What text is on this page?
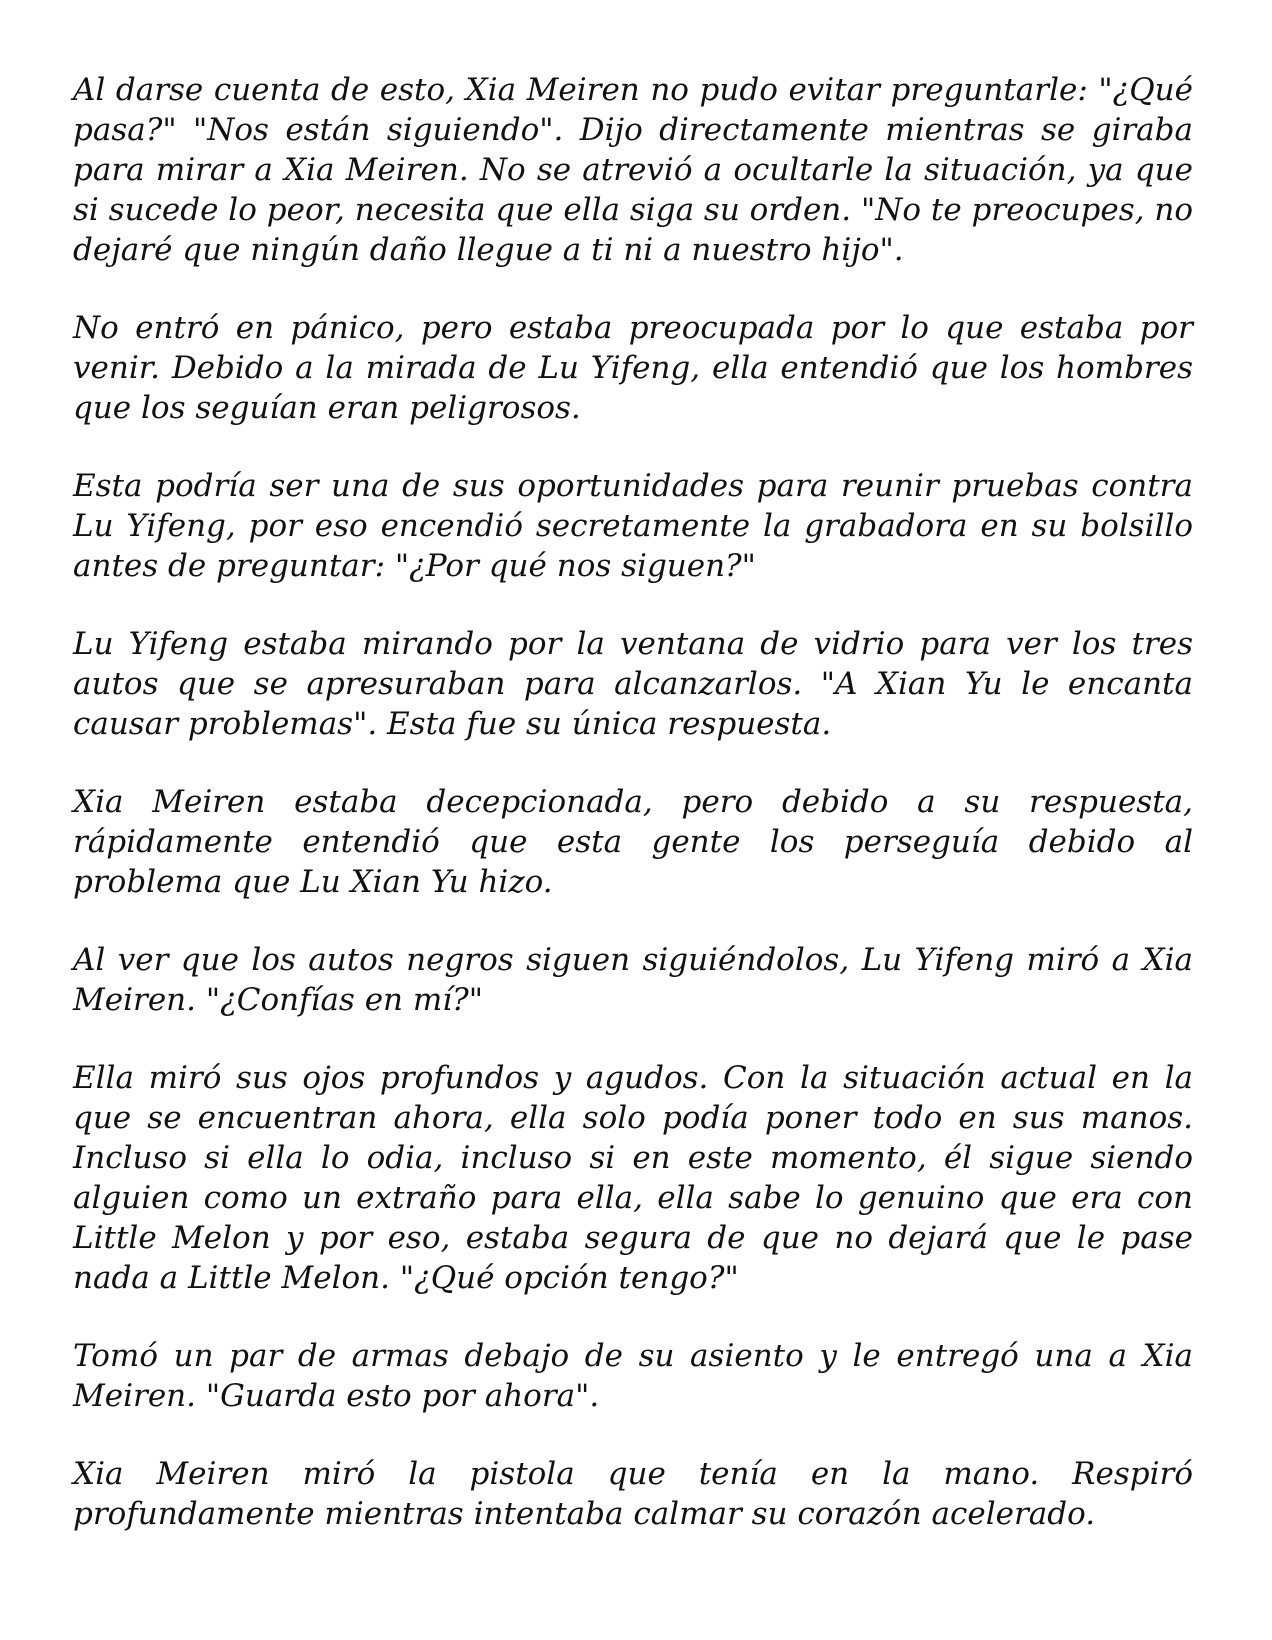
Al darse cuenta de esto, Xia Meiren no pudo evitar preguntarle: "¿Qué pasa?" "Nos están siguiendo". Dijo directamente mientras se giraba para mirar a Xia Meiren. No se atrevió a ocultarle la situación, ya que si sucede lo peor, necesita que ella siga su orden. "No te preocupes, no dejaré que ningún daño llegue a ti ni a nuestro hijo".

No entró en pánico, pero estaba preocupada por lo que estaba por venir. Debido a la mirada de Lu Yifeng, ella entendió que los hombres que los seguían eran peligrosos.

Esta podría ser una de sus oportunidades para reunir pruebas contra Lu Yifeng, por eso encendió secretamente la grabadora en su bolsillo antes de preguntar: "¿Por qué nos siguen?"

Lu Yifeng estaba mirando por la ventana de vidrio para ver los tres autos que se apresuraban para alcanzarlos. "A Xian Yu le encanta causar problemas". Esta fue su única respuesta.

Xia Meiren estaba decepcionada, pero debido a su respuesta, rápidamente entendió que esta gente los perseguía debido al problema que Lu Xian Yu hizo.

Al ver que los autos negros siguen siguiéndolos, Lu Yifeng miró a Xia Meiren. "¿Confías en mí?"

Ella miró sus ojos profundos y agudos. Con la situación actual en la que se encuentran ahora, ella solo podía poner todo en sus manos. Incluso si ella lo odia, incluso si en este momento, él sigue siendo alguien como un extraño para ella, ella sabe lo genuino que era con Little Melon y por eso, estaba segura de que no dejará que le pase nada a Little Melon. "¿Qué opción tengo?"

Tomó un par de armas debajo de su asiento y le entregó una a Xia Meiren. "Guarda esto por ahora".

Xia Meiren miró la pistola que tenía en la mano. Respiró profundamente mientras intentaba calmar su corazón acelerado.
